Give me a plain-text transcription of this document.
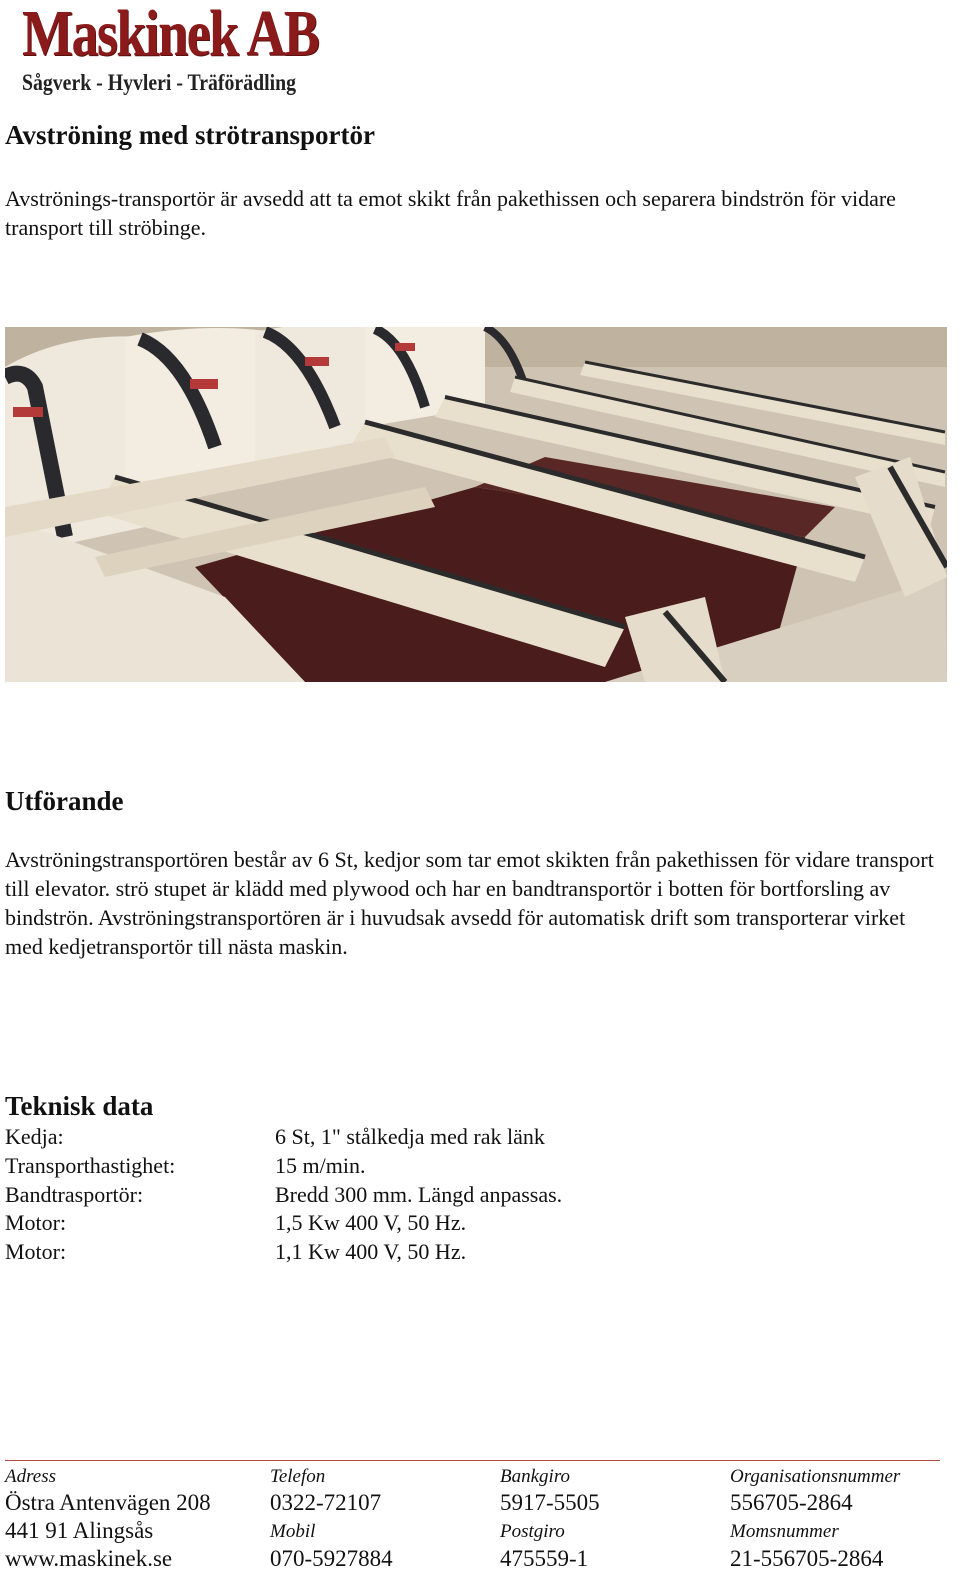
Maskinek AB
Sågverk - Hyvleri - Träförädling
Avströning med strötransportör
Avströnings-transportör är avsedd att ta emot skikt från pakethissen och separera bindströn för vidare transport till ströbinge.
Utförande
Avströningstransportören består av 6 St, kedjor som tar emot skikten från pakethissen för vidare transport till elevator. strö stupet är klädd med plywood och har en bandtransportör i botten för bortforsling av bindströn. Avströningstransportören är i huvudsak avsedd för automatisk drift som transporterar virket med kedjetransportör till nästa maskin.
Teknisk data
Kedja:	6 St, 1" stålkedja med rak länk
Transporthastighet:	15 m/min.
Bandtrasportör:	Bredd 300 mm. Längd anpassas.
Motor:	1,5 Kw 400 V, 50 Hz.
Motor:	1,1 Kw 400 V, 50 Hz.
Adress
Östra Antenvägen 208
441 91 Alingsås
www.maskinek.se
Telefon
0322-72107
Mobil
070-5927884
Bankgiro
5917-5505
Postgiro
475559-1
Organisationsnummer
556705-2864
Momsnummer
21-556705-2864
